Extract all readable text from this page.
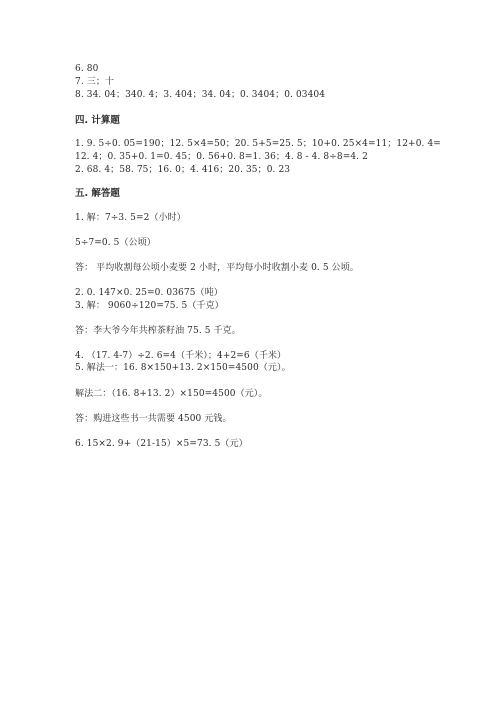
6. 80
7. 三；十
8. 34. 04；340. 4；3. 404；34. 04；0. 3404；0. 03404
四. 计算题
1. 9. 5÷0. 05=190；12. 5×4=50；20. 5+5=25. 5；10+0. 25×4=11；12+0. 4=
12. 4；0. 35+0. 1=0. 45；0. 56+0. 8=1. 36；4. 8 - 4. 8÷8=4. 2
2. 68. 4；58. 75；16. 0；4. 416；20. 35；0. 23
五. 解答题
1. 解：7÷3. 5=2（小时）
5÷7=0. 5（公顷）
答： 平均收割每公顷小麦要 2 小时，平均每小时收割小麦 0. 5 公顷。
2. 0. 147×0. 25=0. 03675（吨）
3. 解： 9060÷120=75. 5（千克）
答：李大爷今年共榨茶籽油 75. 5 千克。
4. （17. 4-7）÷2. 6=4（千米）；4+2=6（千米）
5. 解法一：16. 8×150+13. 2×150=4500（元）。
解法二：（16. 8+13. 2）×150=4500（元）。
答：购进这些书一共需要 4500 元钱。
6. 15×2. 9+（21-15）×5=73. 5（元）
